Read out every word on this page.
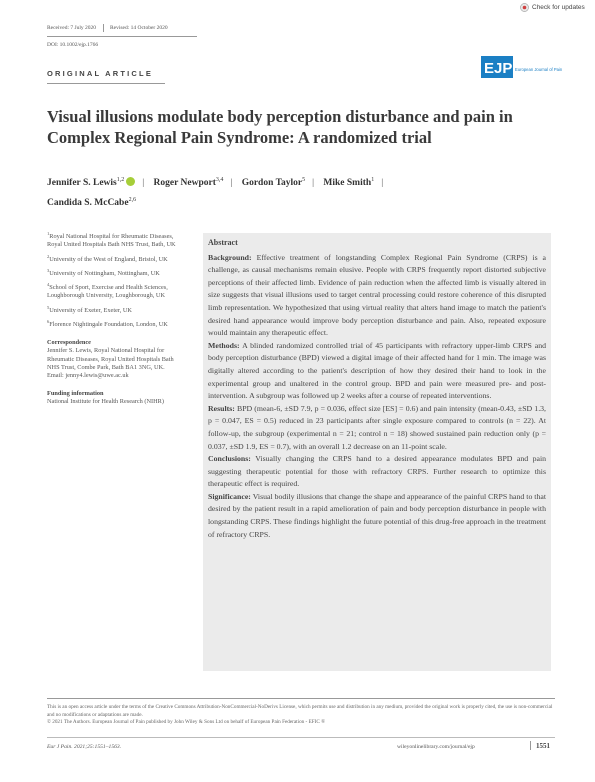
Check for updates
Received: 7 July 2020	Revised: 14 October 2020
DOI: 10.1002/ejp.1766
ORIGINAL ARTICLE	EJP European Journal of Pain
Visual illusions modulate body perception disturbance and pain in Complex Regional Pain Syndrome: A randomized trial
Jennifer S. Lewis$^{1,2}$ | Roger Newport$^{3,4}$ | Gordon Taylor$^5$ | Mike Smith$^1$ |
Candida S. McCabe$^{2,6}$
$^1$Royal National Hospital for Rheumatic Diseases, Royal United Hospitals Bath NHS Trust, Bath, UK
$^2$University of the West of England, Bristol, UK
$^3$University of Nottingham, Nottingham, UK
$^4$School of Sport, Exercise and Health Sciences, Loughborough University, Loughborough, UK
$^5$University of Exeter, Exeter, UK
$^6$Florence Nightingale Foundation, London, UK
Correspondence
Jennifer S. Lewis, Royal National Hospital for Rheumatic Diseases, Royal United Hospitals Bath NHS Trust, Combe Park, Bath BA1 3NG, UK.
Email: jenny4.lewis@uwe.ac.uk
Funding information
National Institute for Health Research (NIHR)
Abstract

Background: Effective treatment of longstanding Complex Regional Pain Syndrome (CRPS) is a challenge, as causal mechanisms remain elusive. People with CRPS frequently report distorted subjective perceptions of their affected limb. Evidence of pain reduction when the affected limb is visually altered in size suggests that visual illusions used to target central processing could restore coherence of this disrupted limb representation. We hypothesized that using virtual reality that alters hand image to match the patient's desired hand appearance would improve body perception disturbance and pain. Also, repeated exposure would maintain any therapeutic effect.

Methods: A blinded randomized controlled trial of 45 participants with refractory upper-limb CRPS and body perception disturbance (BPD) viewed a digital image of their affected hand for 1 min. The image was digitally altered according to the patient's description of how they desired their hand to look in the experimental group and unaltered in the control group. BPD and pain were measured pre- and post-intervention. A subgroup was followed up 2 weeks after a course of repeated interventions.

Results: BPD (mean-6, ±SD 7.9, p = 0.036, effect size [ES] = 0.6) and pain intensity (mean-0.43, ±SD 1.3, p = 0.047, ES = 0.5) reduced in 23 participants after single exposure compared to controls (n = 22). At follow-up, the subgroup (experimental n = 21; control n = 18) showed sustained pain reduction only (p = 0.037, ±SD 1.9, ES = 0.7), with an overall 1.2 decrease on an 11-point scale.

Conclusions: Visually changing the CRPS hand to a desired appearance modulates BPD and pain suggesting therapeutic potential for those with refractory CRPS. Further research to optimize this therapeutic effect is required.

Significance: Visual bodily illusions that change the shape and appearance of the painful CRPS hand to that desired by the patient result in a rapid amelioration of pain and body perception disturbance in people with longstanding CRPS. These findings highlight the future potential of this drug-free approach in the treatment of refractory CRPS.

This is an open access article under the terms of the Creative Commons Attribution-NonCommercial-NoDerivs License, which permits use and distribution in any medium, provided the original work is properly cited, the use is non-commercial and no modifications or adaptations are made.
© 2021 The Authors. European Journal of Pain published by John Wiley & Sons Ltd on behalf of European Pain Federation - EFIC ®
Eur J Pain. 2021;25:1551–1563.	wileyonlinelibrary.com/journal/ejp	1551
